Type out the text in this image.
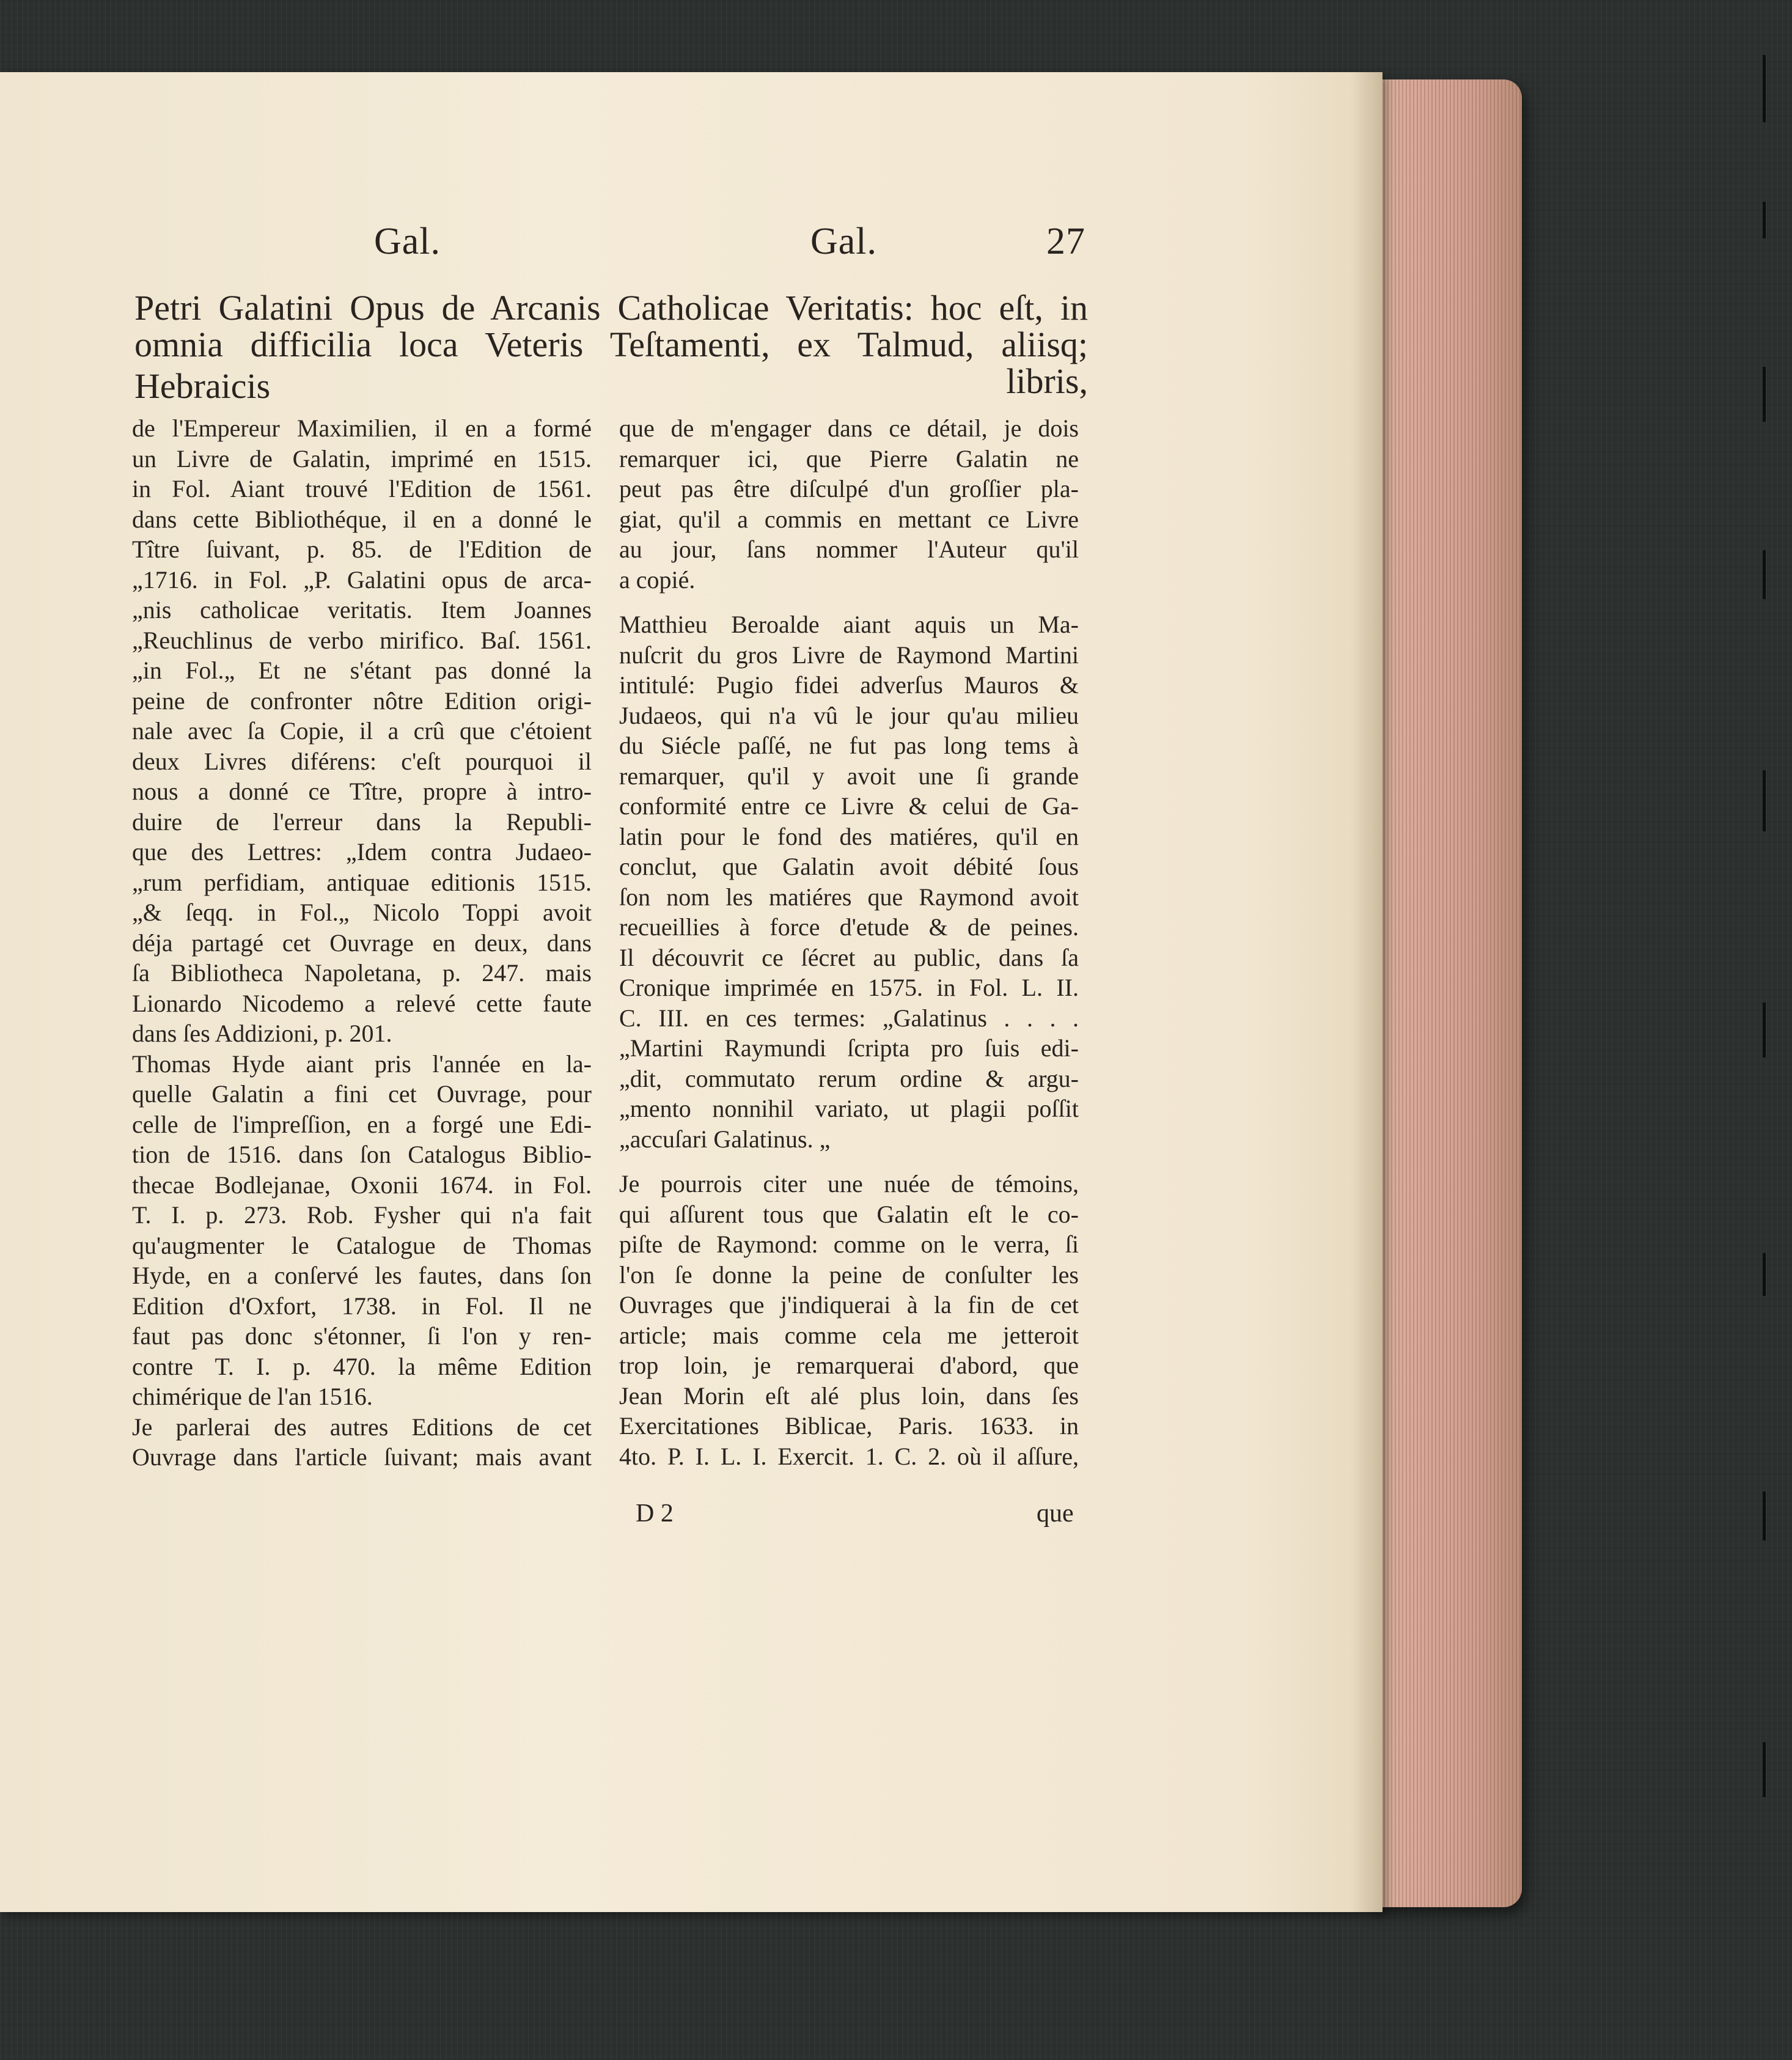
Gal.	Gal.	27
Petri Galatini Opus de Arcanis Catholicae Veritatis: hoc eſt, in
omnia difficilia loca Veteris Teſtamenti, ex Talmud, aliisq; Hebraicis	libris,
de l'Empereur Maximilien, il en a formé
un Livre de Galatin, imprimé en 1515.
in Fol. Aiant trouvé l'Edition de 1561.
dans cette Bibliothéque, il en a donné le
Tître ſuivant, p. 85. de l'Edition de
„1716. in Fol. „P. Galatini opus de arca-
„nis catholicae veritatis. Item Joannes
„Reuchlinus de verbo mirifico. Baſ. 1561.
„in Fol.„ Et ne s'étant pas donné la
peine de confronter nôtre Edition origi-
nale avec ſa Copie, il a crû que c'étoient
deux Livres diférens: c'eſt pourquoi il
nous a donné ce Tître, propre à intro-
duire de l'erreur dans la Republi-
que des Lettres: „Idem contra Judaeo-
„rum perfidiam, antiquae editionis 1515.
„& ſeqq. in Fol.„ Nicolo Toppi avoit
déja partagé cet Ouvrage en deux, dans
ſa Bibliotheca Napoletana, p. 247. mais
Lionardo Nicodemo a relevé cette faute
dans ſes Addizioni, p. 201.
Thomas Hyde aiant pris l'année en la-
quelle Galatin a fini cet Ouvrage, pour
celle de l'impreſſion, en a forgé une Edi-
tion de 1516. dans ſon Catalogus Biblio-
thecae Bodlejanae, Oxonii 1674. in Fol.
T. I. p. 273. Rob. Fysher qui n'a fait
qu'augmenter le Catalogue de Thomas
Hyde, en a conſervé les fautes, dans ſon
Edition d'Oxfort, 1738. in Fol. Il ne
faut pas donc s'étonner, ſi l'on y ren-
contre T. I. p. 470. la même Edition
chimérique de l'an 1516.
Je parlerai des autres Editions de cet
Ouvrage dans l'article ſuivant; mais avant
que de m'engager dans ce détail, je dois
remarquer ici, que Pierre Galatin ne
peut pas être diſculpé d'un groſſier pla-
giat, qu'il a commis en mettant ce Livre
au jour, ſans nommer l'Auteur qu'il
a copié.
Matthieu Beroalde aiant aquis un Ma-
nuſcrit du gros Livre de Raymond Martini
intitulé: Pugio fidei adverſus Mauros &
Judaeos, qui n'a vû le jour qu'au milieu
du Siécle paſſé, ne fut pas long tems à
remarquer, qu'il y avoit une ſi grande
conformité entre ce Livre & celui de Ga-
latin pour le fond des matiéres, qu'il en
conclut, que Galatin avoit débité ſous
ſon nom les matiéres que Raymond avoit
recueillies à force d'etude & de peines.
Il découvrit ce ſécret au public, dans ſa
Cronique imprimée en 1575. in Fol. L. II.
C. III. en ces termes: „Galatinus . . . .
„Martini Raymundi ſcripta pro ſuis edi-
„dit, commutato rerum ordine & argu-
„mento nonnihil variato, ut plagii poſſit
„accuſari Galatinus. „
Je pourrois citer une nuée de témoins,
qui aſſurent tous que Galatin eſt le co-
piſte de Raymond: comme on le verra, ſi
l'on ſe donne la peine de conſulter les
Ouvrages que j'indiquerai à la fin de cet
article; mais comme cela me jetteroit
trop loin, je remarquerai d'abord, que
Jean Morin eſt alé plus loin, dans ſes
Exercitationes Biblicae, Paris. 1633. in
4to. P. I. L. I. Exercit. 1. C. 2. où il aſſure,
D 2	que
